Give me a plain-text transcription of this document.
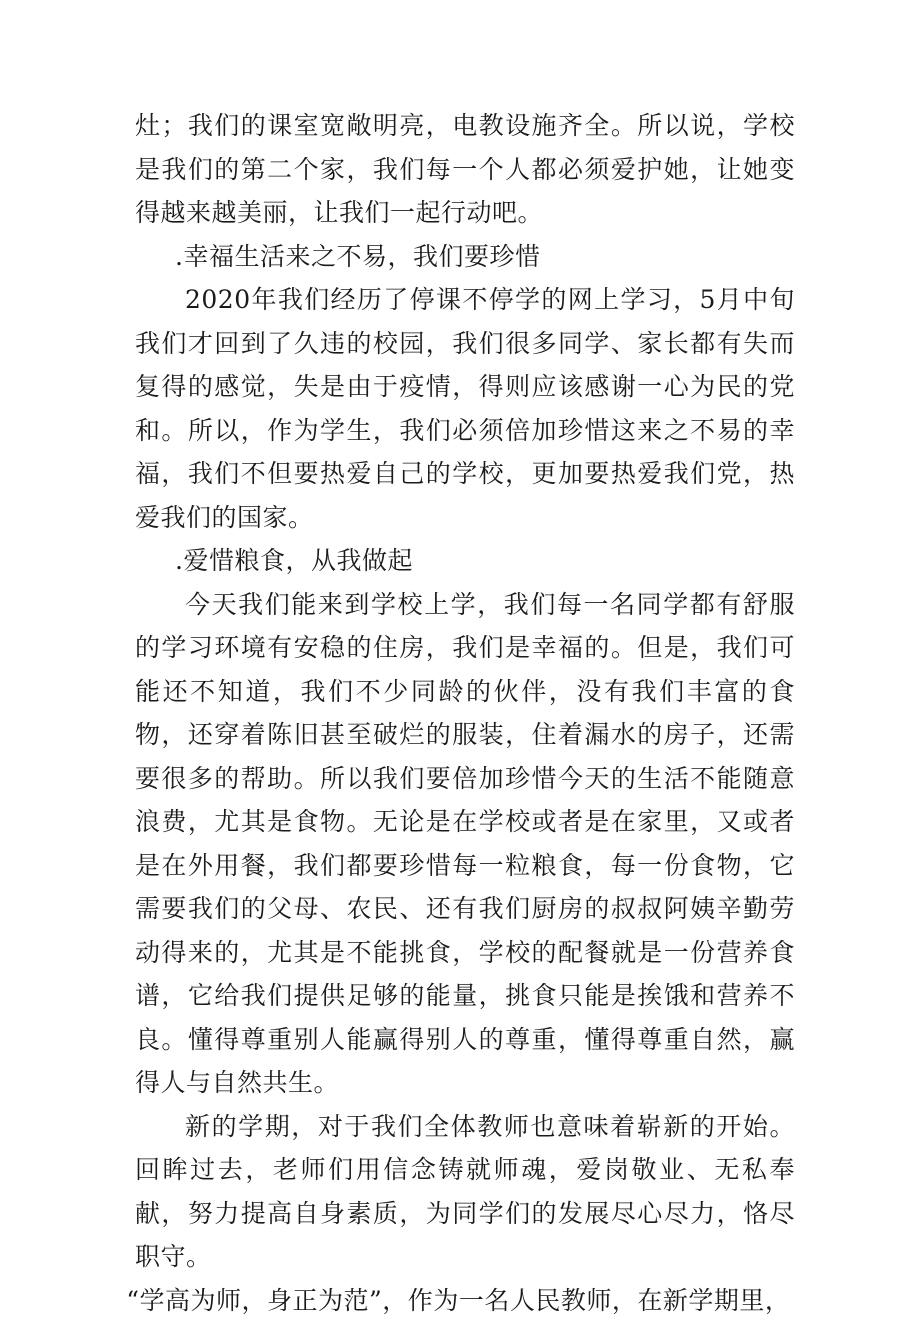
灶；我们的课室宽敞明亮，电教设施齐全。所以说，学校是我们的第二个家，我们每一个人都必须爱护她，让她变得越来越美丽，让我们一起行动吧。

.幸福生活来之不易，我们要珍惜

2020年我们经历了停课不停学的网上学习，5月中旬我们才回到了久违的校园，我们很多同学、家长都有失而复得的感觉，失是由于疫情，得则应该感谢一心为民的党和。所以，作为学生，我们必须倍加珍惜这来之不易的幸福，我们不但要热爱自己的学校，更加要热爱我们党，热爱我们的国家。

.爱惜粮食，从我做起

今天我们能来到学校上学，我们每一名同学都有舒服的学习环境有安稳的住房，我们是幸福的。但是，我们可能还不知道，我们不少同龄的伙伴，没有我们丰富的食物，还穿着陈旧甚至破烂的服装，住着漏水的房子，还需要很多的帮助。所以我们要倍加珍惜今天的生活不能随意浪费，尤其是食物。无论是在学校或者是在家里，又或者是在外用餐，我们都要珍惜每一粒粮食，每一份食物，它需要我们的父母、农民、还有我们厨房的叔叔阿姨辛勤劳动得来的，尤其是不能挑食，学校的配餐就是一份营养食谱，它给我们提供足够的能量，挑食只能是挨饿和营养不良。懂得尊重别人能赢得别人的尊重，懂得尊重自然，赢得人与自然共生。

新的学期，对于我们全体教师也意味着崭新的开始。回眸过去，老师们用信念铸就师魂，爱岗敬业、无私奉献，努力提高自身素质，为同学们的发展尽心尽力，恪尽职守。

“学高为师，身正为范”，作为一名人民教师，在新学期里，
